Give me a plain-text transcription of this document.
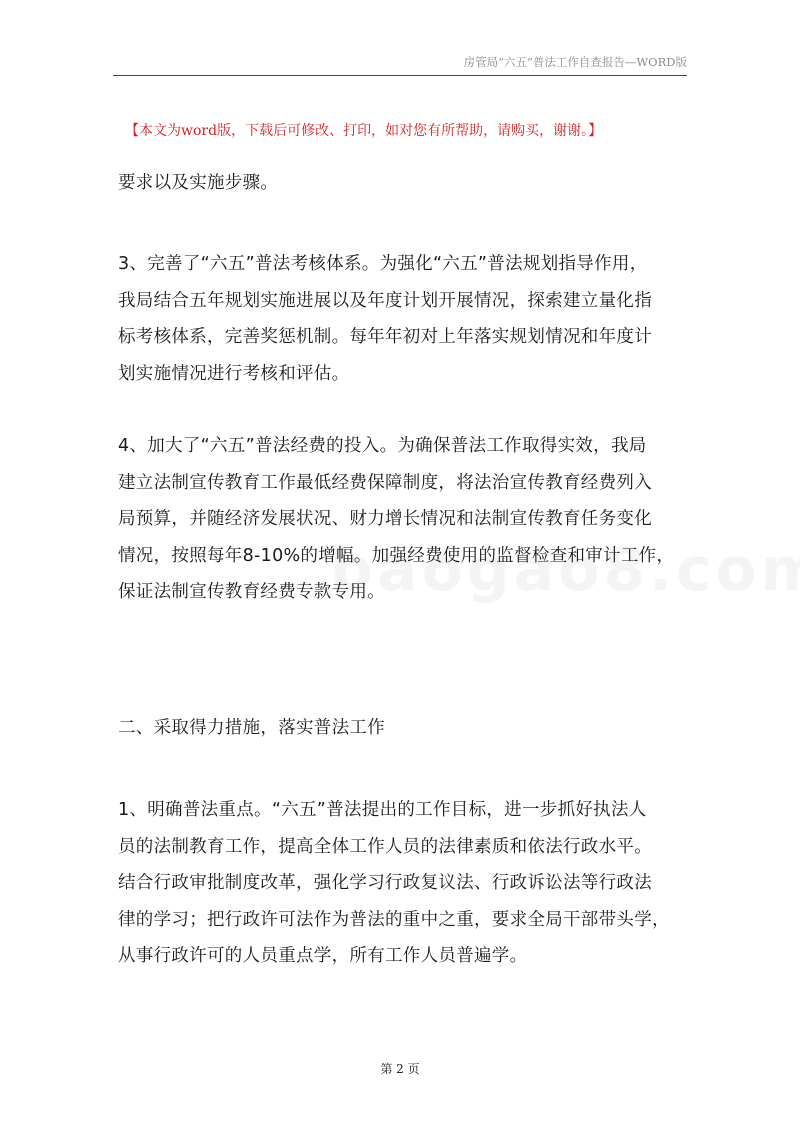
房管局“六五”普法工作自查报告—WORD版
【本文为word版，下载后可修改、打印，如对您有所帮助，请购买，谢谢。】
要求以及实施步骤。
3、完善了“六五”普法考核体系。为强化“六五”普法规划指导作用，
我局结合五年规划实施进展以及年度计划开展情况，探索建立量化指
标考核体系，完善奖惩机制。每年年初对上年落实规划情况和年度计
划实施情况进行考核和评估。
4、加大了“六五”普法经费的投入。为确保普法工作取得实效，我局
建立法制宣传教育工作最低经费保障制度，将法治宣传教育经费列入
局预算，并随经济发展状况、财力增长情况和法制宣传教育任务变化
情况，按照每年8-10%的增幅。加强经费使用的监督检查和审计工作，
保证法制宣传教育经费专款专用。
二、采取得力措施，落实普法工作
1、明确普法重点。“六五”普法提出的工作目标，进一步抓好执法人
员的法制教育工作，提高全体工作人员的法律素质和依法行政水平。
结合行政审批制度改革，强化学习行政复议法、行政诉讼法等行政法
律的学习；把行政许可法作为普法的重中之重，要求全局干部带头学，
从事行政许可的人员重点学，所有工作人员普遍学。
第 2 页
